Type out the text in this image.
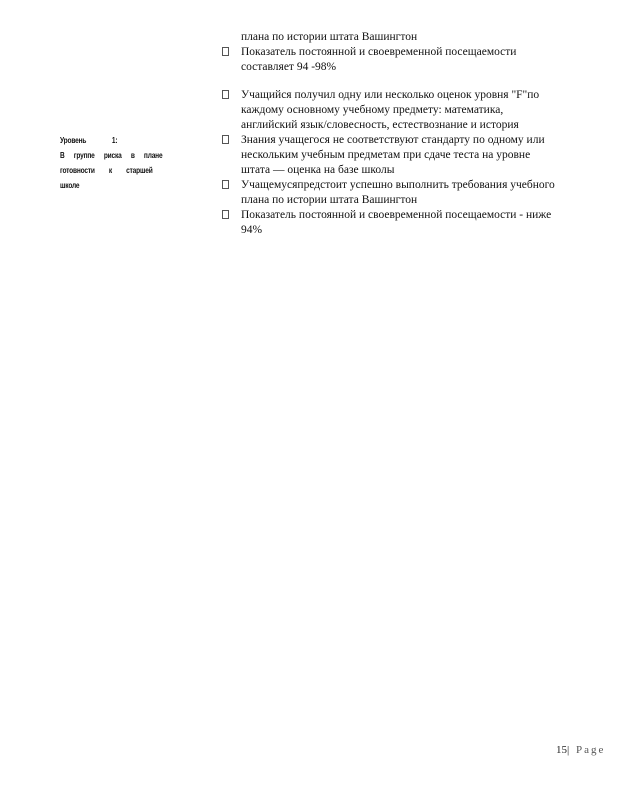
плана по истории штата Вашингтон
Показатель постоянной и своевременной посещаемости
составляет 94 -98%
Учащийся получил одну или несколько оценок уровня "F"по
каждому основному учебному предмету: математика,
английский язык/словесность, естествознание и история
Знания учащегося не соответствуют стандарту по одному или
нескольким учебным предметам при сдаче теста на уровне
штата — оценка на базе школы
Учащемусяпредстоит успешно выполнить требования учебного
плана по истории штата Вашингтон
Показатель постоянной и своевременной посещаемости - ниже
94%
Уровень	1:
В группе риска в плане
готовности к старшей
школе
15| Page
